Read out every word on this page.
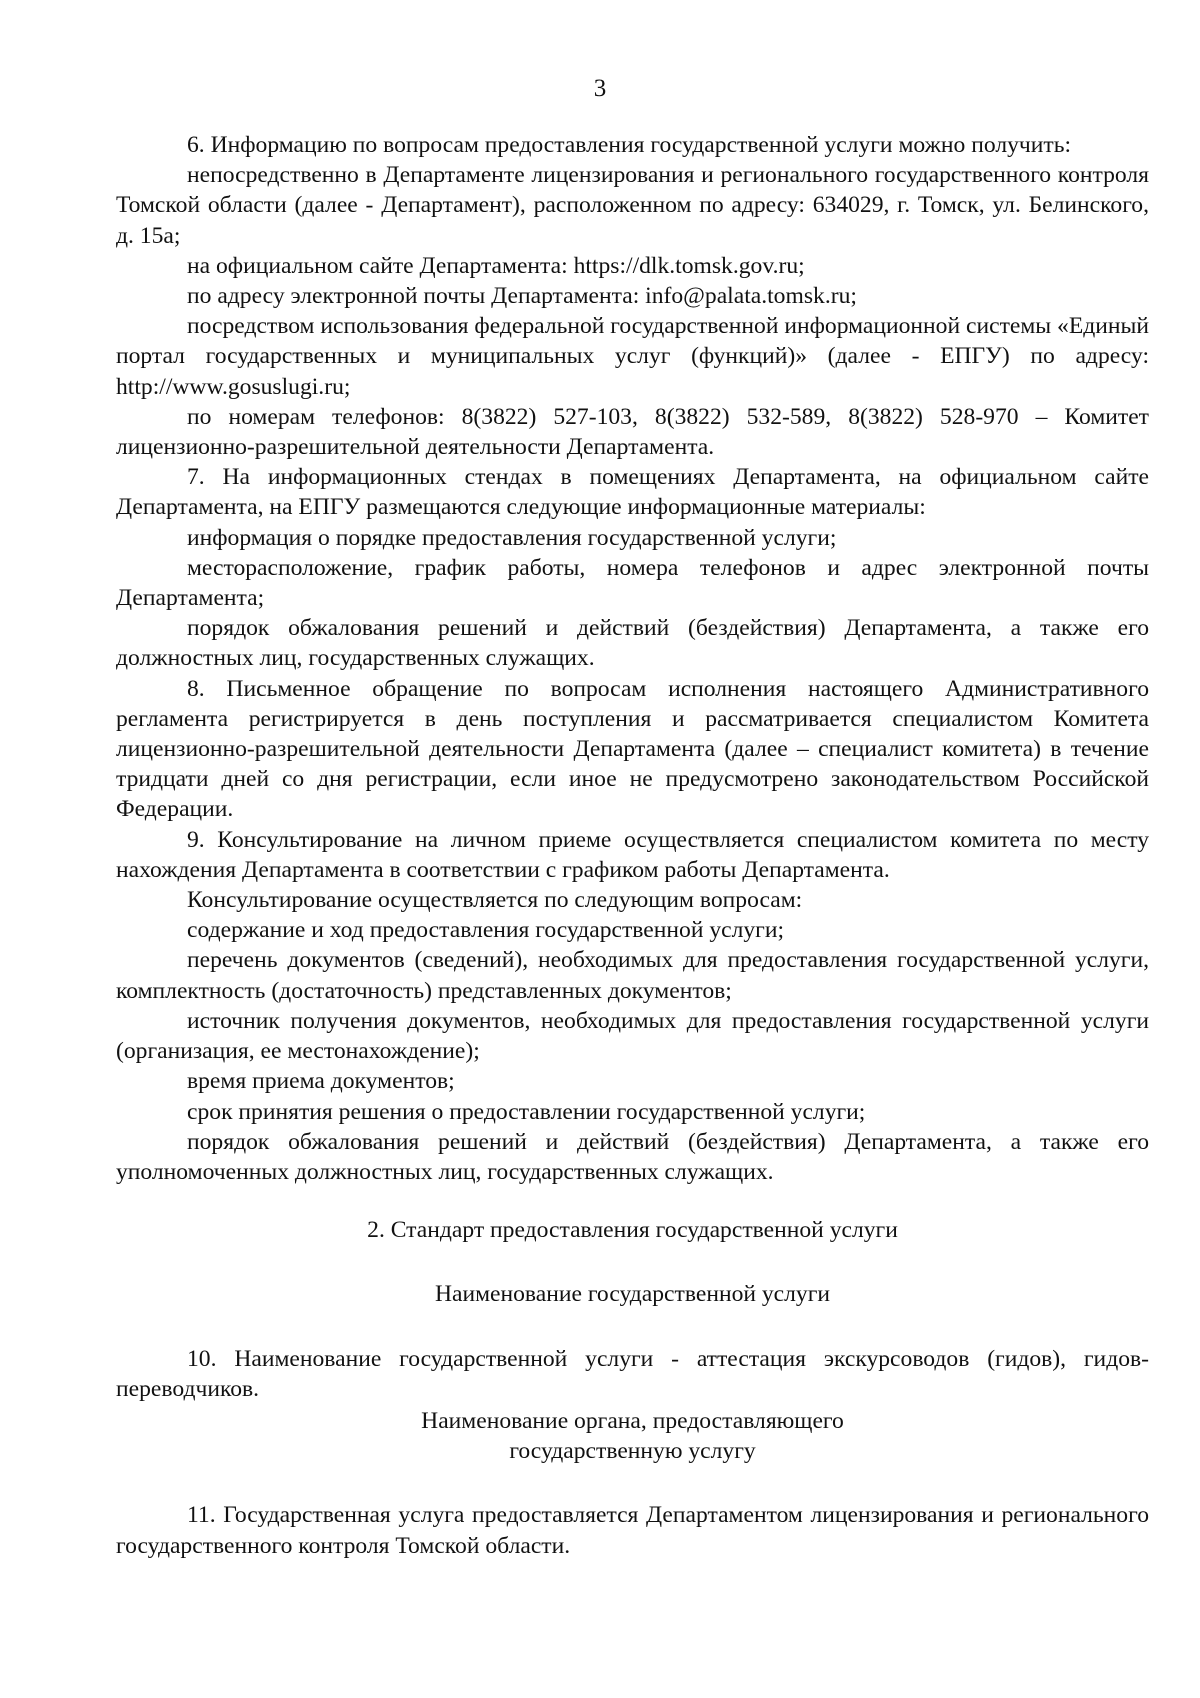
3

6. Информацию по вопросам предоставления государственной услуги можно получить:

непосредственно в Департаменте лицензирования и регионального государственного контроля Томской области (далее - Департамент), расположенном по адресу: 634029, г. Томск, ул. Белинского, д. 15а;

на официальном сайте Департамента: https://dlk.tomsk.gov.ru;

по адресу электронной почты Департамента: info@palata.tomsk.ru;

посредством использования федеральной государственной информационной системы «Единый портал государственных и муниципальных услуг (функций)» (далее - ЕПГУ) по адресу: http://www.gosuslugi.ru;

по номерам телефонов: 8(3822) 527-103, 8(3822) 532-589, 8(3822) 528-970 – Комитет лицензионно-разрешительной деятельности Департамента.

7. На информационных стендах в помещениях Департамента, на официальном сайте Департамента, на ЕПГУ размещаются следующие информационные материалы:

информация о порядке предоставления государственной услуги;

месторасположение, график работы, номера телефонов и адрес электронной почты Департамента;

порядок обжалования решений и действий (бездействия) Департамента, а также его должностных лиц, государственных служащих.

8. Письменное обращение по вопросам исполнения настоящего Административного регламента регистрируется в день поступления и рассматривается специалистом Комитета лицензионно-разрешительной деятельности Департамента (далее – специалист комитета) в течение тридцати дней со дня регистрации, если иное не предусмотрено законодательством Российской Федерации.

9. Консультирование на личном приеме осуществляется специалистом комитета по месту нахождения Департамента в соответствии с графиком работы Департамента.

Консультирование осуществляется по следующим вопросам:

содержание и ход предоставления государственной услуги;

перечень документов (сведений), необходимых для предоставления государственной услуги, комплектность (достаточность) представленных документов;

источник получения документов, необходимых для предоставления государственной услуги (организация, ее местонахождение);

время приема документов;

срок принятия решения о предоставлении государственной услуги;

порядок обжалования решений и действий (бездействия) Департамента, а также его уполномоченных должностных лиц, государственных служащих.

2. Стандарт предоставления государственной услуги

Наименование государственной услуги

10. Наименование государственной услуги - аттестация экскурсоводов (гидов), гидов-переводчиков.

Наименование органа, предоставляющего

государственную услугу

11. Государственная услуга предоставляется Департаментом лицензирования и регионального государственного контроля Томской области.
